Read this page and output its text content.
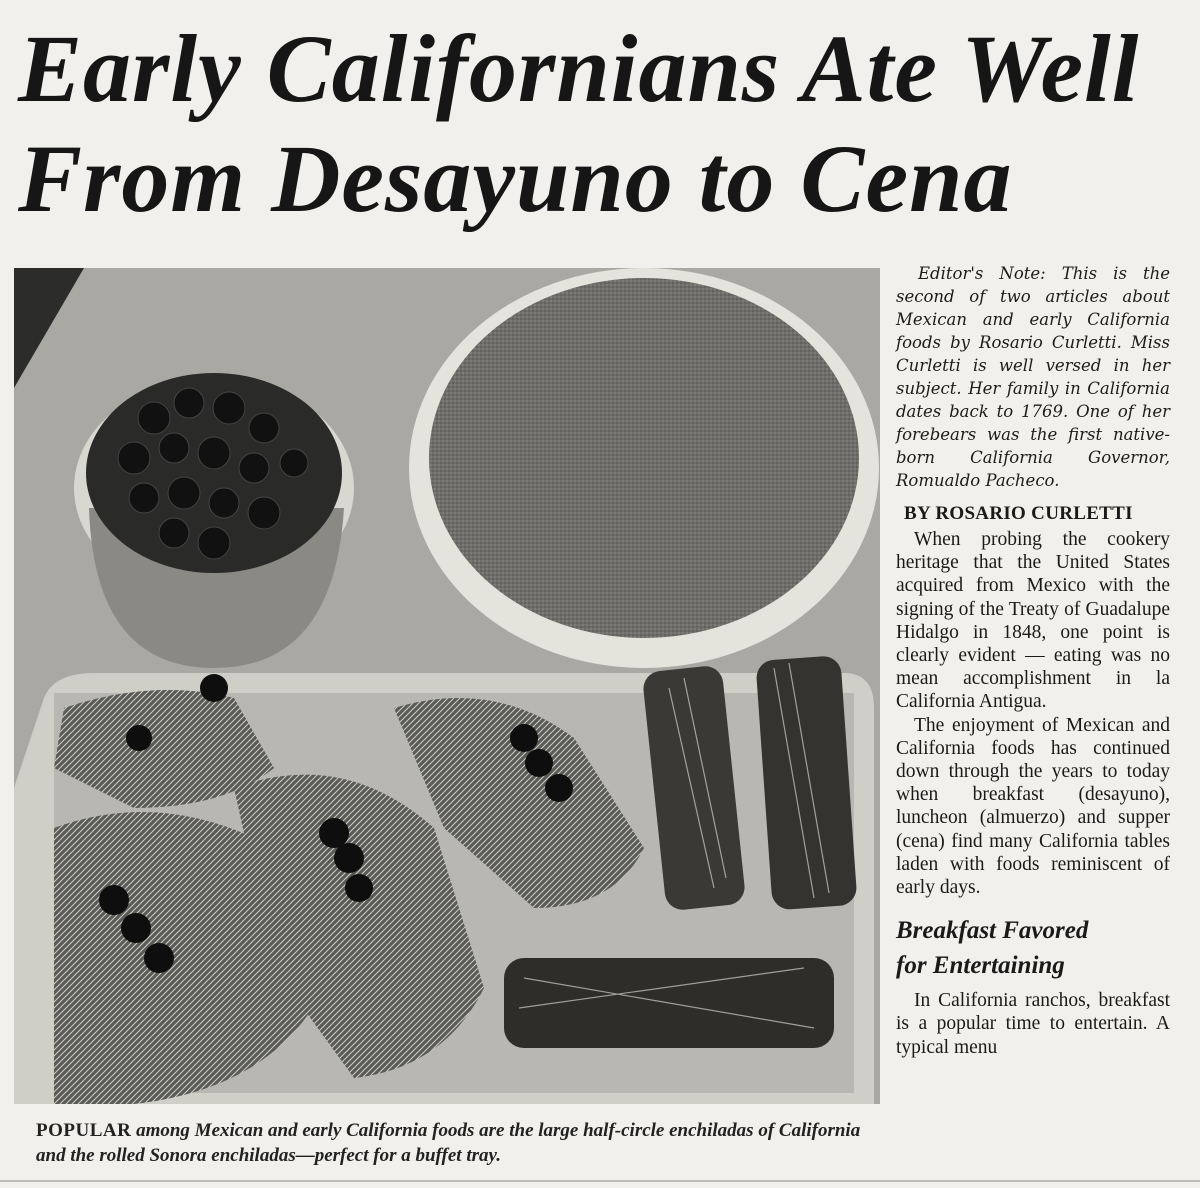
Early Californians Ate Well
From Desayuno to Cena
POPULAR among Mexican and early California foods are the large half-circle enchiladas of California and the rolled Sonora enchiladas—perfect for a buffet tray.

Editor's Note: This is the second of two articles about Mexican and early California foods by Rosario Curletti. Miss Curletti is well versed in her subject. Her family in California dates back to 1769. One of her forebears was the first native-born California Governor, Romualdo Pacheco.

BY ROSARIO CURLETTI

When probing the cookery heritage that the United States acquired from Mexico with the signing of the Treaty of Guadalupe Hidalgo in 1848, one point is clearly evident — eating was no mean accomplishment in la California Antigua.

The enjoyment of Mexican and California foods has continued down through the years to today when breakfast (desayuno), luncheon (almuerzo) and supper (cena) find many California tables laden with foods reminiscent of early days.

Breakfast Favored
for Entertaining

In California ranchos, breakfast is a popular time to entertain. A typical menu
